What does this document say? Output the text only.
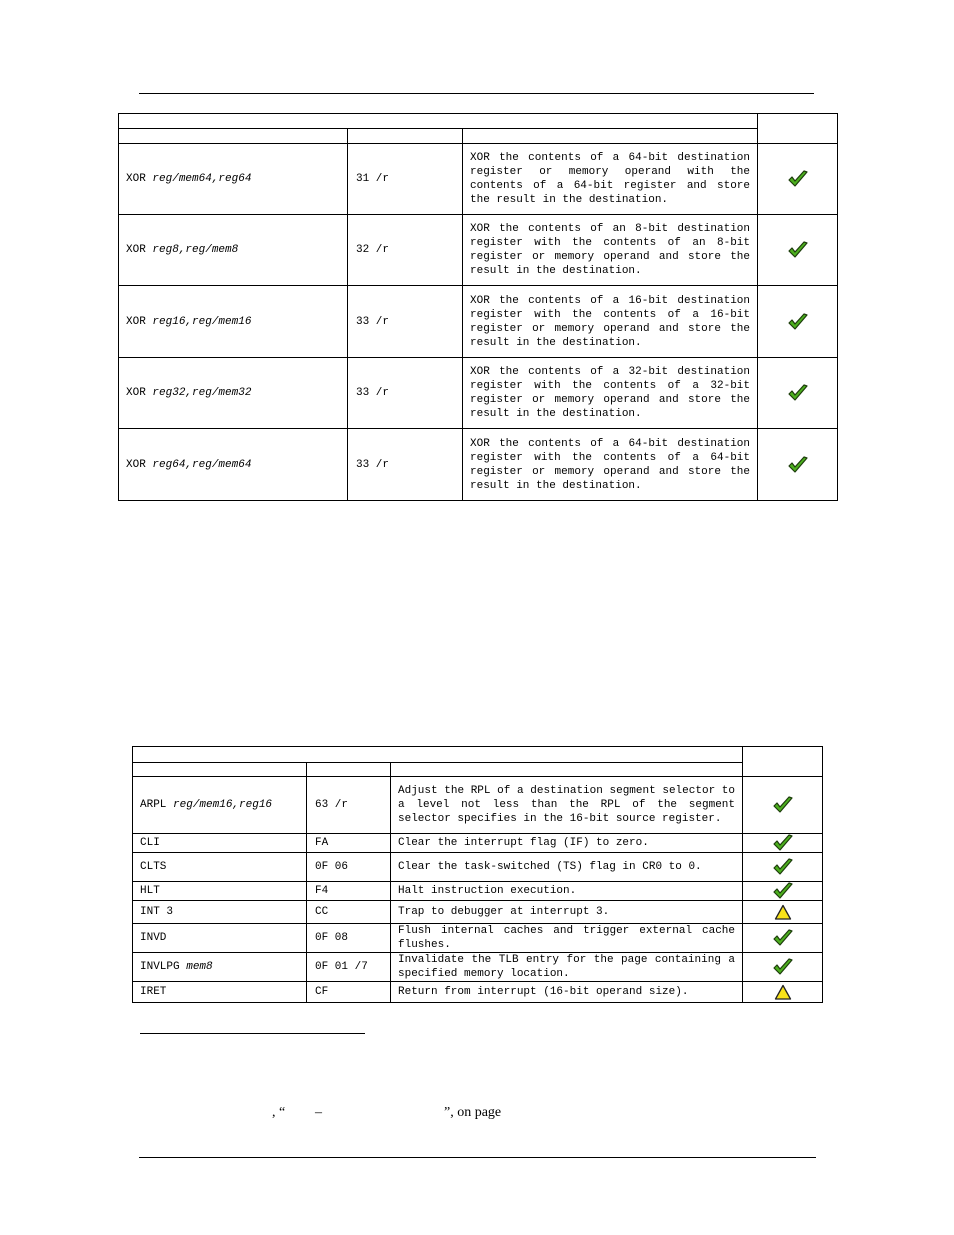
XOR reg/mem64,reg64	31 /r	XOR the contents of a 64-bit destination register or memory operand with the contents of a 64-bit register and store the result in the destination.	

XOR reg8,reg/mem8	32 /r	XOR the contents of an 8-bit destination register with the contents of an 8-bit register or memory operand and store the result in the destination.	

XOR reg16,reg/mem16	33 /r	XOR the contents of a 16-bit destination register with the contents of a 16-bit register or memory operand and store the result in the destination.	

XOR reg32,reg/mem32	33 /r	XOR the contents of a 32-bit destination register with the contents of a 32-bit register or memory operand and store the result in the destination.	

XOR reg64,reg/mem64	33 /r	XOR the contents of a 64-bit destination register with the contents of a 64-bit register or memory operand and store the result in the destination.	

ARPL reg/mem16,reg16	63 /r	Adjust the RPL of a destination segment selector to a level not less than the RPL of the segment selector specifies in the 16-bit source register.	

CLI	FA	Clear the interrupt flag (IF) to zero.	

CLTS	0F 06	Clear the task-switched (TS) flag in CR0 to 0.	

HLT	F4	Halt instruction execution.	

INT 3	CC	Trap to debugger at interrupt 3.	

INVD	0F 08	Flush internal caches and trigger external cache flushes.	

INVLPG mem8	0F 01 /7	Invalidate the TLB entry for the page containing a specified memory location.	

IRET	CF	Return from interrupt (16-bit operand size).	
, “ –	”, on page
